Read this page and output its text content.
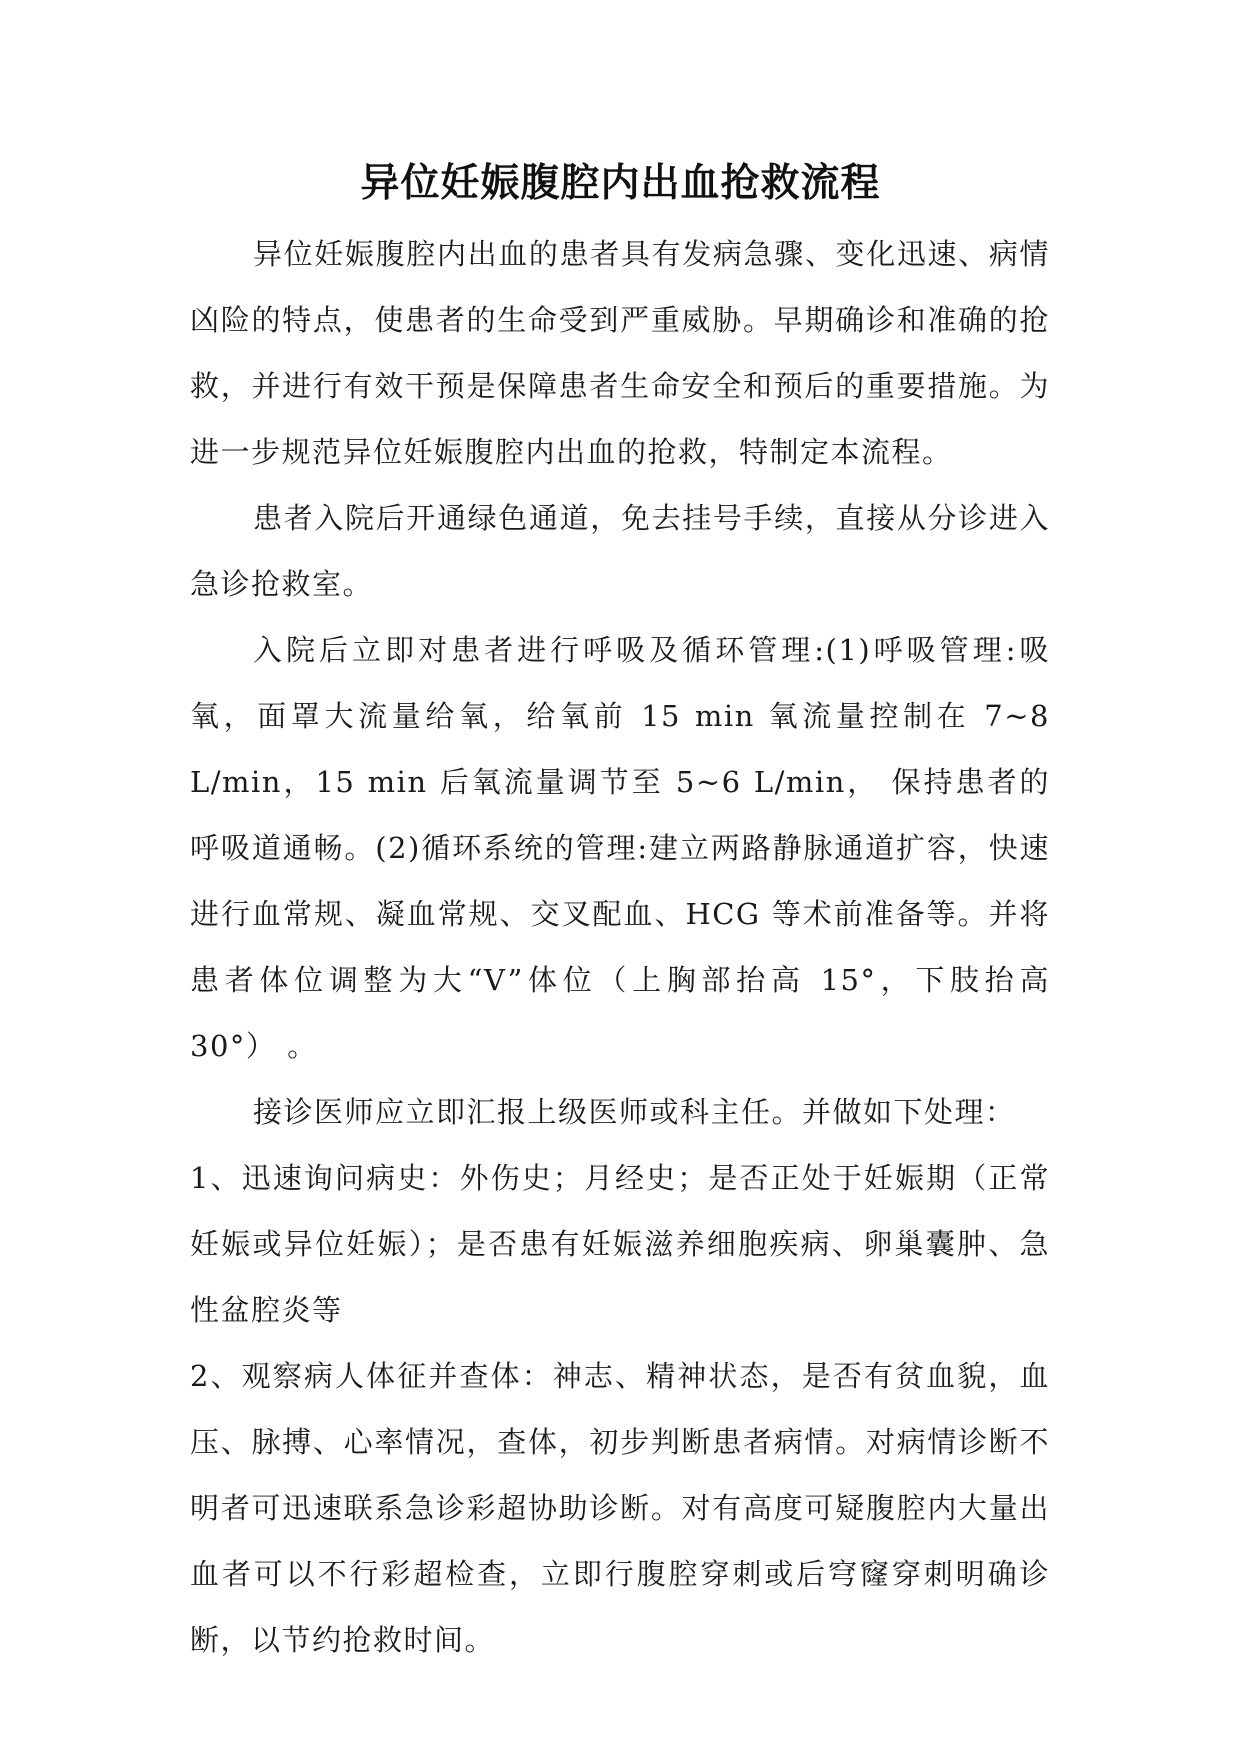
异位妊娠腹腔内出血抢救流程

异位妊娠腹腔内出血的患者具有发病急骤、变化迅速、病情凶险的特点，使患者的生命受到严重威胁。早期确诊和准确的抢救，并进行有效干预是保障患者生命安全和预后的重要措施。为进一步规范异位妊娠腹腔内出血的抢救，特制定本流程。

患者入院后开通绿色通道，免去挂号手续，直接从分诊进入急诊抢救室。

入院后立即对患者进行呼吸及循环管理:(1)呼吸管理:吸氧，面罩大流量给氧，给氧前 15 min 氧流量控制在 7~8 L/min，15 min 后氧流量调节至 5~6 L/min， 保持患者的呼吸道通畅。(2)循环系统的管理:建立两路静脉通道扩容，快速进行血常规、凝血常规、交叉配血、HCG 等术前准备等。并将患者体位调整为大“V”体位（上胸部抬高 15°，下肢抬高 30°） 。

接诊医师应立即汇报上级医师或科主任。并做如下处理：

1、迅速询问病史：外伤史；月经史；是否正处于妊娠期（正常妊娠或异位妊娠）；是否患有妊娠滋养细胞疾病、卵巢囊肿、急性盆腔炎等

2、观察病人体征并查体：神志、精神状态，是否有贫血貌，血压、脉搏、心率情况，查体，初步判断患者病情。对病情诊断不明者可迅速联系急诊彩超协助诊断。对有高度可疑腹腔内大量出血者可以不行彩超检查，立即行腹腔穿刺或后穹窿穿刺明确诊断，以节约抢救时间。
